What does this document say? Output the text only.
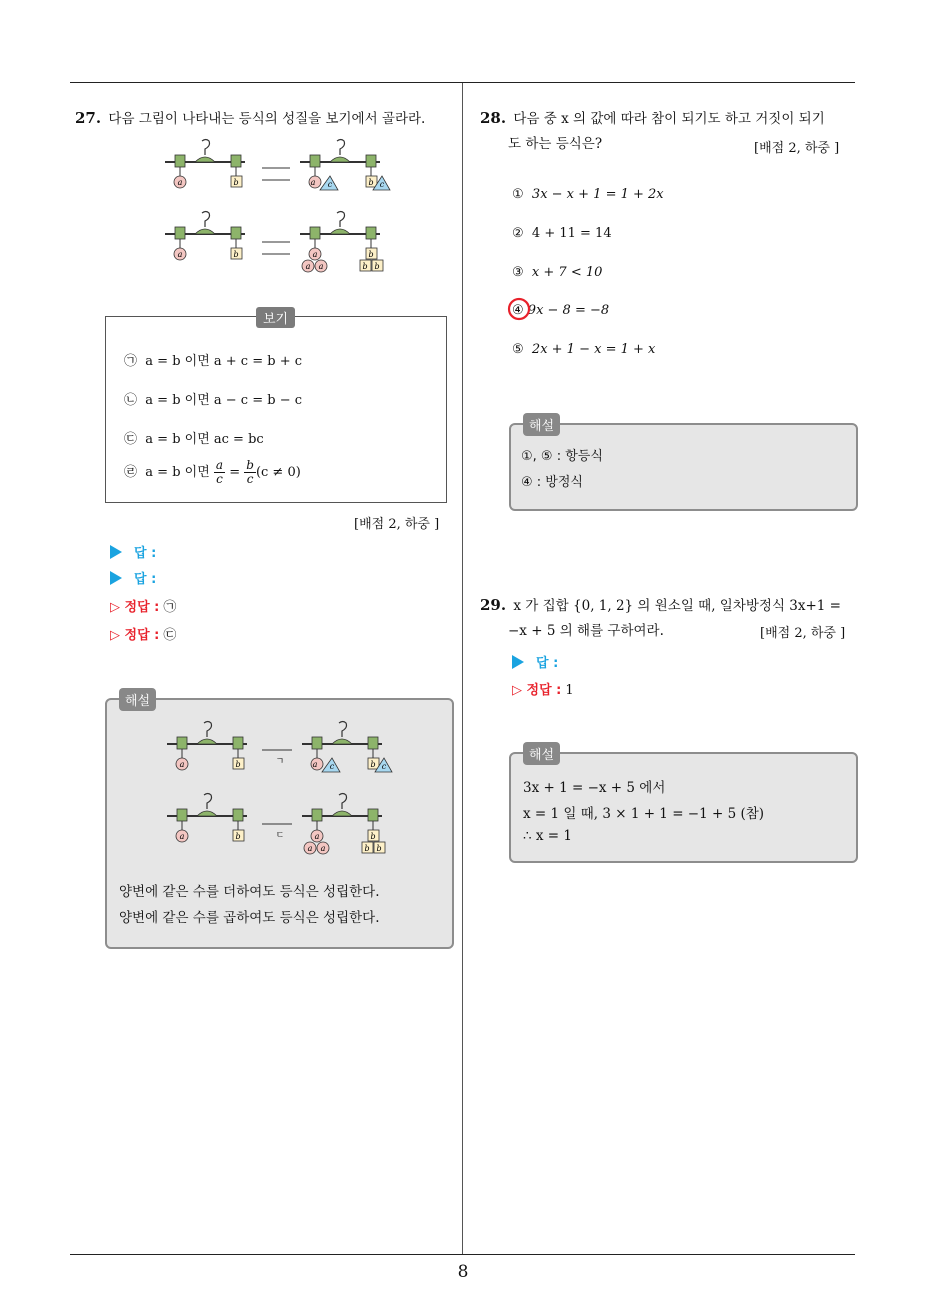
27. 다음 그림이 나타내는 등식의 성질을 보기에서 골라라.
a	b	a c	b c
a	b	a
a a
b
b b
보기
㉠ a = b 이면 a + c = b + c
㉡ a = b 이면 a − c = b − c
㉢ a = b 이면 ac = bc
㉣ a = b 이면 $\frac{a}{c} = \frac{b}{c} (c \ne 0)$
[배점 2, 하중 ]
답 :
답 :
▷ 정답 : ㉠
▷ 정답 : ㉢
해설
a	b	a c	b c
a	b	a
a a
b
b b
ㄱ
ㄷ
양변에 같은 수를 더하여도 등식은 성립한다.
양변에 같은 수를 곱하여도 등식은 성립한다.
28. 다음 중 x 의 값에 따라 참이 되기도 하고 거짓이 되기
도 하는 등식은?	[배점 2, 하중 ]
① 3x − x + 1 = 1 + 2x
② 4 + 11 = 14
③ x + 7 < 10
④ 9x − 8 = −8
⑤ 2x + 1 − x = 1 + x
해설
①, ⑤ : 항등식
④ : 방정식
29. x 가 집합 {0, 1, 2} 의 원소일 때, 일차방정식 3x+1 =
−x + 5 의 해를 구하여라.	[배점 2, 하중 ]
답 :
▷ 정답 : 1
해설
3x + 1 = −x + 5 에서
x = 1 일 때, 3 × 1 + 1 = −1 + 5 (참)
∴ x = 1
8
